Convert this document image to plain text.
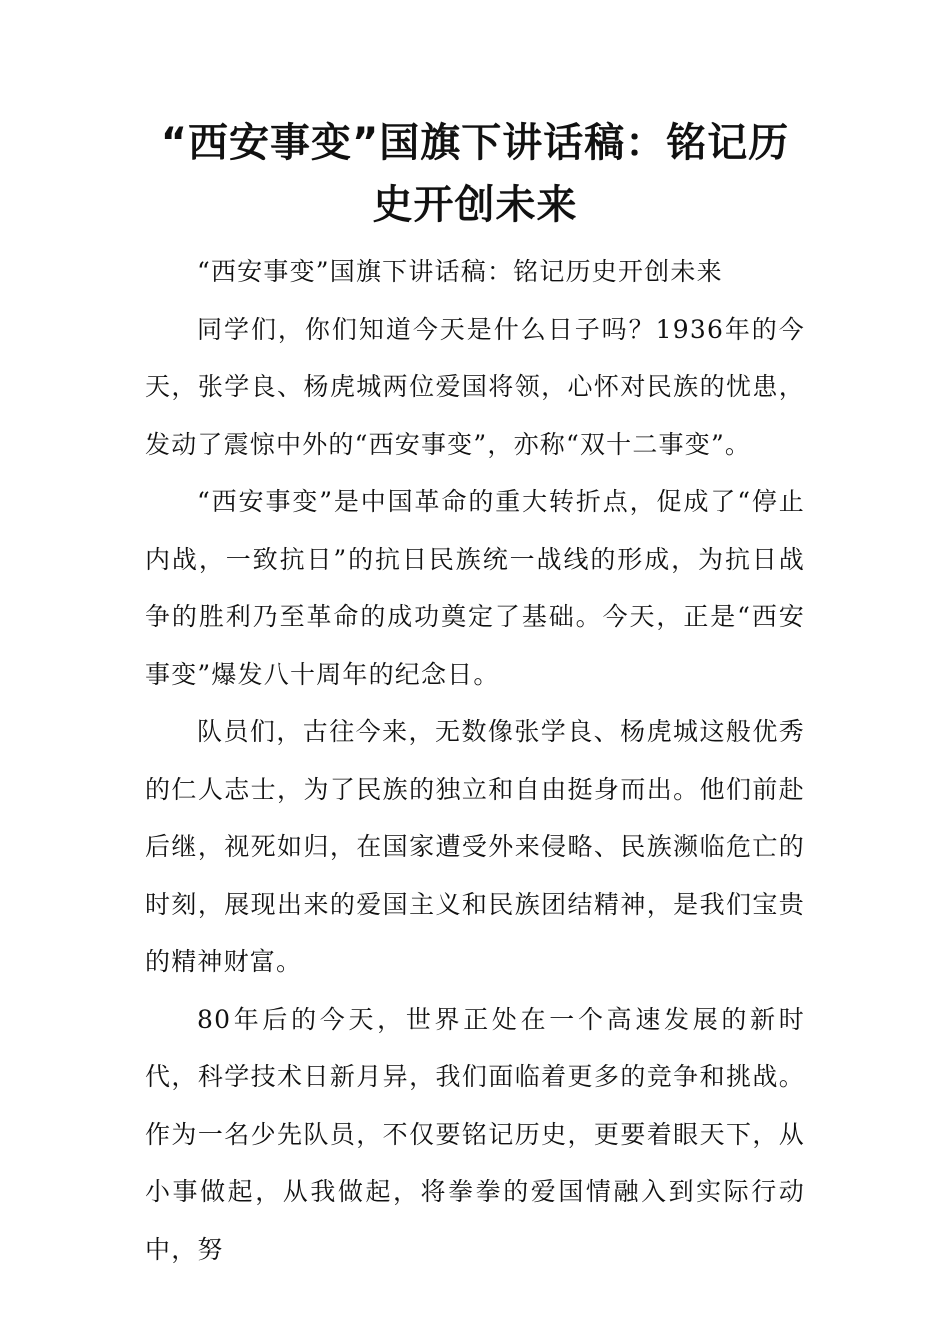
“西安事变”国旗下讲话稿：铭记历史开创未来

“西安事变”国旗下讲话稿：铭记历史开创未来

同学们，你们知道今天是什么日子吗？1936年的今天，张学良、杨虎城两位爱国将领，心怀对民族的忧患，发动了震惊中外的“西安事变”，亦称“双十二事变”。

“西安事变”是中国革命的重大转折点，促成了“停止内战，一致抗日”的抗日民族统一战线的形成，为抗日战争的胜利乃至革命的成功奠定了基础。今天，正是“西安事变”爆发八十周年的纪念日。

队员们，古往今来，无数像张学良、杨虎城这般优秀的仁人志士，为了民族的独立和自由挺身而出。他们前赴后继，视死如归，在国家遭受外来侵略、民族濒临危亡的时刻，展现出来的爱国主义和民族团结精神，是我们宝贵的精神财富。

80年后的今天，世界正处在一个高速发展的新时代，科学技术日新月异，我们面临着更多的竞争和挑战。作为一名少先队员，不仅要铭记历史，更要着眼天下，从小事做起，从我做起，将拳拳的爱国情融入到实际行动中，努
